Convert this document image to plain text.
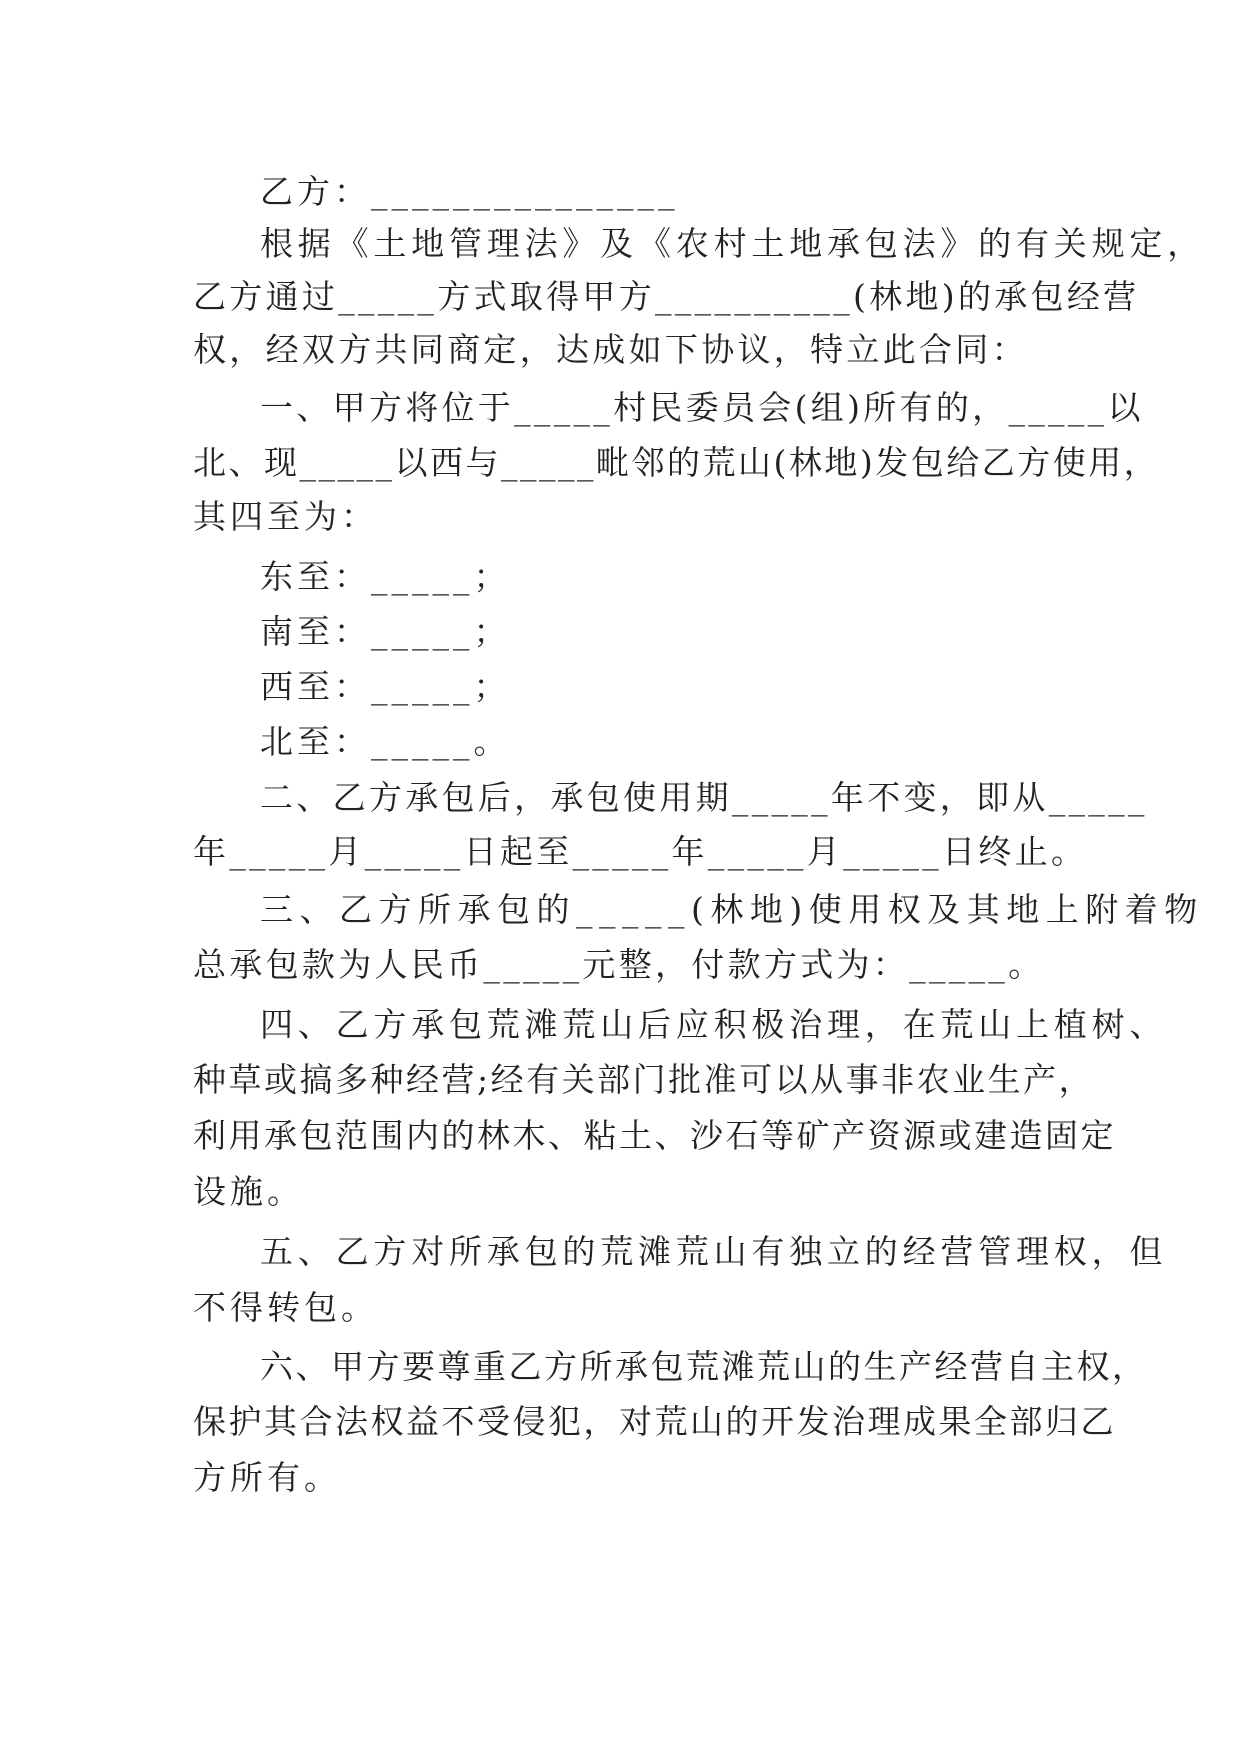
乙方：_______________

根据《土地管理法》及《农村土地承包法》的有关规定，

乙方通过_____方式取得甲方__________(林地)的承包经营

权，经双方共同商定，达成如下协议，特立此合同：

一、甲方将位于_____村民委员会(组)所有的，_____以

北、现_____以西与_____毗邻的荒山(林地)发包给乙方使用，

其四至为：

东至：_____；

南至：_____；

西至：_____；

北至：_____。

二、乙方承包后，承包使用期_____年不变，即从_____

年_____月_____日起至_____年_____月_____日终止。

三、乙方所承包的_____(林地)使用权及其地上附着物

总承包款为人民币_____元整，付款方式为：_____。

四、乙方承包荒滩荒山后应积极治理，在荒山上植树、

种草或搞多种经营;经有关部门批准可以从事非农业生产，

利用承包范围内的林木、粘土、沙石等矿产资源或建造固定

设施。

五、乙方对所承包的荒滩荒山有独立的经营管理权，但

不得转包。

六、甲方要尊重乙方所承包荒滩荒山的生产经营自主权，

保护其合法权益不受侵犯，对荒山的开发治理成果全部归乙

方所有。
